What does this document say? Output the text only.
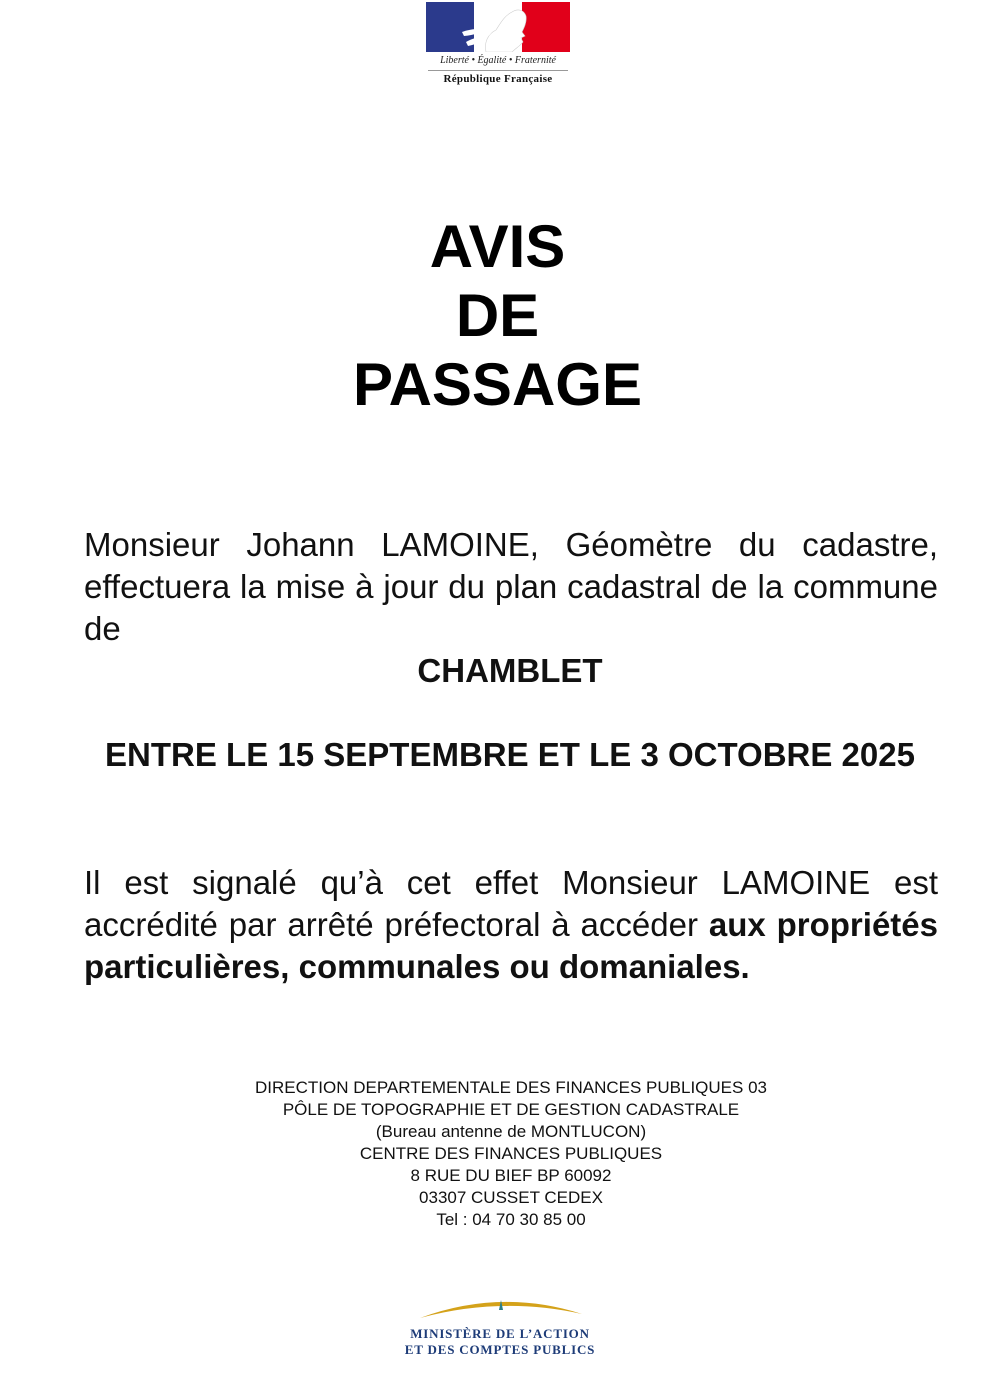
Liberté • Égalité • Fraternité
République Française
AVIS
DE
PASSAGE
Monsieur Johann LAMOINE, Géomètre du cadastre, effectuera la mise à jour du plan cadastral de la commune de
CHAMBLET
ENTRE LE 15 SEPTEMBRE ET LE 3 OCTOBRE 2025
Il est signalé qu’à cet effet Monsieur LAMOINE est accrédité par arrêté préfectoral à accéder aux propriétés particulières, communales ou domaniales.
DIRECTION DEPARTEMENTALE DES FINANCES PUBLIQUES 03
PÔLE DE TOPOGRAPHIE ET DE GESTION CADASTRALE
(Bureau antenne de MONTLUCON)
CENTRE DES FINANCES PUBLIQUES
8 RUE DU BIEF BP 60092
03307 CUSSET CEDEX
Tel : 04 70 30 85 00
MINISTÈRE DE L’ACTION
ET DES COMPTES PUBLICS
